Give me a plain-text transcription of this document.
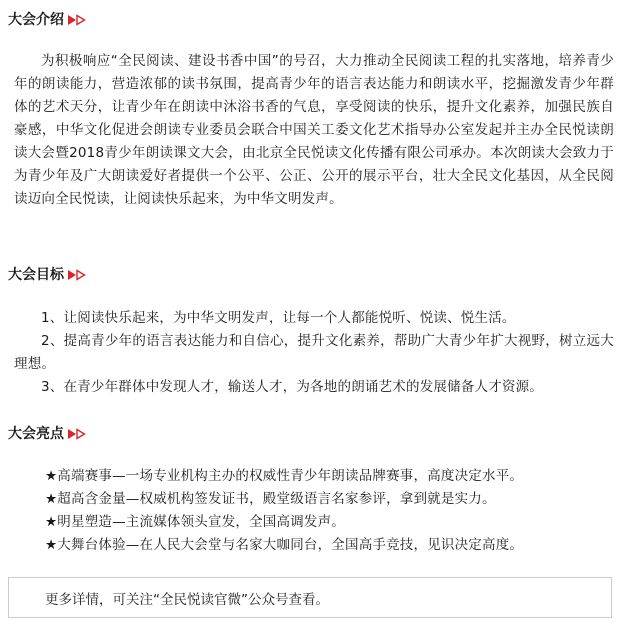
大会介绍

为积极响应“全民阅读、建设书香中国”的号召，大力推动全民阅读工程的扎实落地，培养青少年的朗读能力，营造浓郁的读书氛围，提高青少年的语言表达能力和朗读水平，挖掘激发青少年群体的艺术天分，让青少年在朗读中沐浴书香的气息，享受阅读的快乐，提升文化素养，加强民族自豪感，中华文化促进会朗读专业委员会联合中国关工委文化艺术指导办公室发起并主办全民悦读朗读大会暨2018青少年朗读课文大会，由北京全民悦读文化传播有限公司承办。本次朗读大会致力于为青少年及广大朗读爱好者提供一个公平、公正、公开的展示平台，壮大全民文化基因，从全民阅读迈向全民悦读，让阅读快乐起来，为中华文明发声。

大会目标

1、让阅读快乐起来，为中华文明发声，让每一个人都能悦听、悦读、悦生活。

2、提高青少年的语言表达能力和自信心，提升文化素养，帮助广大青少年扩大视野，树立远大理想。

3、在青少年群体中发现人才，输送人才，为各地的朗诵艺术的发展储备人才资源。

大会亮点

★高端赛事—一场专业机构主办的权威性青少年朗读品牌赛事，高度决定水平。

★超高含金量—权威机构签发证书，殿堂级语言名家参评，拿到就是实力。

★明星塑造—主流媒体领头宣发，全国高调发声。

★大舞台体验—在人民大会堂与名家大咖同台，全国高手竞技，见识决定高度。

更多详情，可关注“全民悦读官微”公众号查看。
